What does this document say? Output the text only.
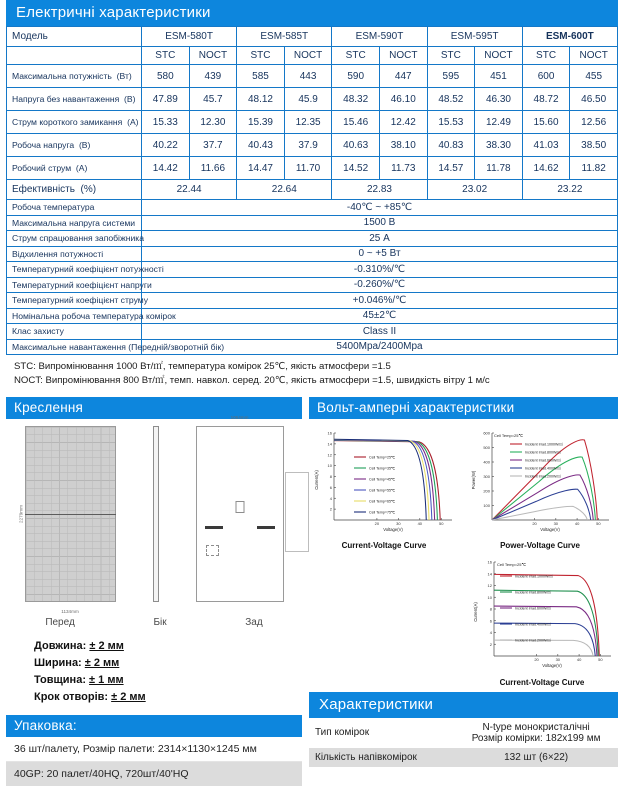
Електричні характеристики
Модель	ESM-580T		ESM-585T		ESM-590T		ESM-595T		ESM-600T	
	STC	NOCT	STC	NOCT	STC	NOCT	STC	NOCT	STC	NOCT
Максимальна потужність  (Вт)	580	439	585	443	590	447	595	451	600	455
Напруга без навантаження  (В)	47.89	45.7	48.12	45.9	48.32	46.10	48.52	46.30	48.72	46.50
Струм короткого замикання  (А)	15.33	12.30	15.39	12.35	15.46	12.42	15.53	12.49	15.60	12.56
Робоча напруга  (В)	40.22	37.7	40.43	37.9	40.63	38.10	40.83	38.30	41.03	38.50
Робочий струм  (А)	14.42	11.66	14.47	11.70	14.52	11.73	14.57	11.78	14.62	11.82
Ефективність  (%)	22.44		22.64		22.83		23.02		23.22	
Робоча температура	-40℃ ~ +85℃									
Максимальна напруга системи	1500 В									
Струм спрацювання запобіжника	25 А									
Відхилення потужності	0 ~ +5 Вт									
Температурний коефіцієнт потужності	-0.310%/℃									
Температурний коефіцієнт напруги	-0.260%/℃									
Температурний коефіцієнт струму	+0.046%/℃									
Номінальна робоча температура комірок	45±2℃									
Клас захисту	Class II									
Максимальне навантаження (Передній/зворотній бік)	5400Mpa/2400Mpa									
STC: Випромінювання 1000 Вт/㎡, температура комірок 25℃, якість атмосфери =1.5
NOCT: Випромінювання 800 Вт/㎡, темп. навкол. серед. 20℃, якість атмосфери =1.5, швидкість вітру 1 м/с
Креслення

2279mm
1134mm
1064mm
Перед	Бік	Зад
Довжина: ± 2 мм
Ширина: ± 2 мм
Товщина: ± 1 мм
Крок отворів: ± 2 мм
Упаковка:
36 шт/палету, Розмір палети: 2314×1130×1245 мм
40GP: 20 палет/40HQ, 720шт/40'HQ
Вольт-амперні характеристики
20	30	40	50
2
4
6
8
10
12
14
16
Cell Temp=25℃
Cell Temp=35℃
Cell Temp=45℃
Cell Temp=55℃
Cell Temp=65℃
Cell Temp=75℃
Voltage(V)
Current(A)
Current-Voltage Curve
20	30	40	50
100
200
300
400
500
600
Incident Irrad.1000W/㎡
Incident Irrad.800W/㎡
Incident Irrad.600W/㎡
Incident Irrad.400W/㎡
Incident Irrad.200W/㎡
Cell Temp=25℃
Voltage(V)
Power(W)
Power-Voltage Curve
20	30	40	50
2
4
6
8
10
12
14
16
Incident Irrad.1000W/㎡
Incident Irrad.800W/㎡
Incident Irrad.600W/㎡
Incident Irrad.400W/㎡
Incident Irrad.200W/㎡
Cell Temp=25℃
Voltage(V)
Current(A)
Current-Voltage Curve
Характеристики
Тип комірок	N-type монокристалічні
Розмір комірки: 182x199 мм
Кількість напівкомірок	132 шт (6×22)
